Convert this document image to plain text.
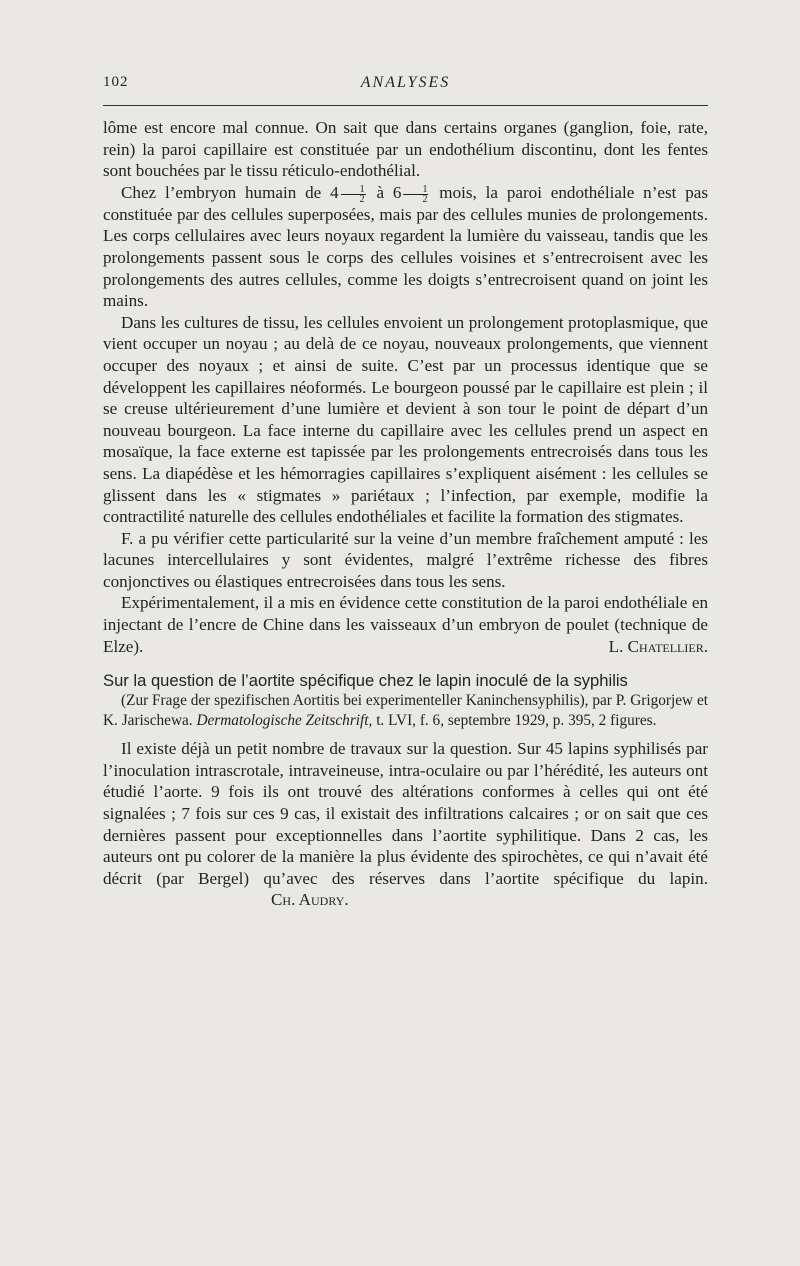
102	ANALYSES

lôme est encore mal connue. On sait que dans certains organes (ganglion, foie, rate, rein) la paroi capillaire est constituée par un endothélium discontinu, dont les fentes sont bouchées par le tissu réticulo-endothélial.

Chez l’embryon humain de $4 \frac{1}{2}$ à $6 \frac{1}{2}$ mois, la paroi endothéliale n’est pas constituée par des cellules superposées, mais par des cellules munies de prolongements. Les corps cellulaires avec leurs noyaux regardent la lumière du vaisseau, tandis que les prolongements passent sous le corps des cellules voisines et s’entrecroisent avec les prolongements des autres cellules, comme les doigts s’entrecroisent quand on joint les mains.

Dans les cultures de tissu, les cellules envoient un prolongement protoplasmique, que vient occuper un noyau ; au delà de ce noyau, nouveaux prolongements, que viennent occuper des noyaux ; et ainsi de suite. C’est par un processus identique que se développent les capillaires néoformés. Le bourgeon poussé par le capillaire est plein ; il se creuse ultérieurement d’une lumière et devient à son tour le point de départ d’un nouveau bourgeon. La face interne du capillaire avec les cellules prend un aspect en mosaïque, la face externe est tapissée par les prolongements entrecroisés dans tous les sens. La diapédèse et les hémorragies capillaires s’expliquent aisément : les cellules se glissent dans les « stigmates » pariétaux ; l’infection, par exemple, modifie la contractilité naturelle des cellules endothéliales et facilite la formation des stigmates.

F. a pu vérifier cette particularité sur la veine d’un membre fraîchement amputé : les lacunes intercellulaires y sont évidentes, malgré l’extrême richesse des fibres conjonctives ou élastiques entrecroisées dans tous les sens.

Expérimentalement, il a mis en évidence cette constitution de la paroi endothéliale en injectant de l’encre de Chine dans les vaisseaux d’un embryon de poulet (technique de Elze).	L. Chatellier.

Sur la question de l’aortite spécifique chez le lapin inoculé de la syphilis

(Zur Frage der spezifischen Aortitis bei experimenteller Kaninchensyphilis), par P. Grigorjew et K. Jarischewa. Dermatologische Zeitschrift, t. LVI, f. 6, septembre 1929, p. 395, 2 figures.

Il existe déjà un petit nombre de travaux sur la question. Sur 45 lapins syphilisés par l’inoculation intrascrotale, intraveineuse, intra-oculaire ou par l’hérédité, les auteurs ont étudié l’aorte. 9 fois ils ont trouvé des altérations conformes à celles qui ont été signalées ; 7 fois sur ces 9 cas, il existait des infiltrations calcaires ; or on sait que ces dernières passent pour exceptionnelles dans l’aortite syphilitique. Dans 2 cas, les auteurs ont pu colorer de la manière la plus évidente des spirochètes, ce qui n’avait été décrit (par Bergel) qu’avec des réserves dans l’aortite spécifique du lapin. Ch. Audry.
